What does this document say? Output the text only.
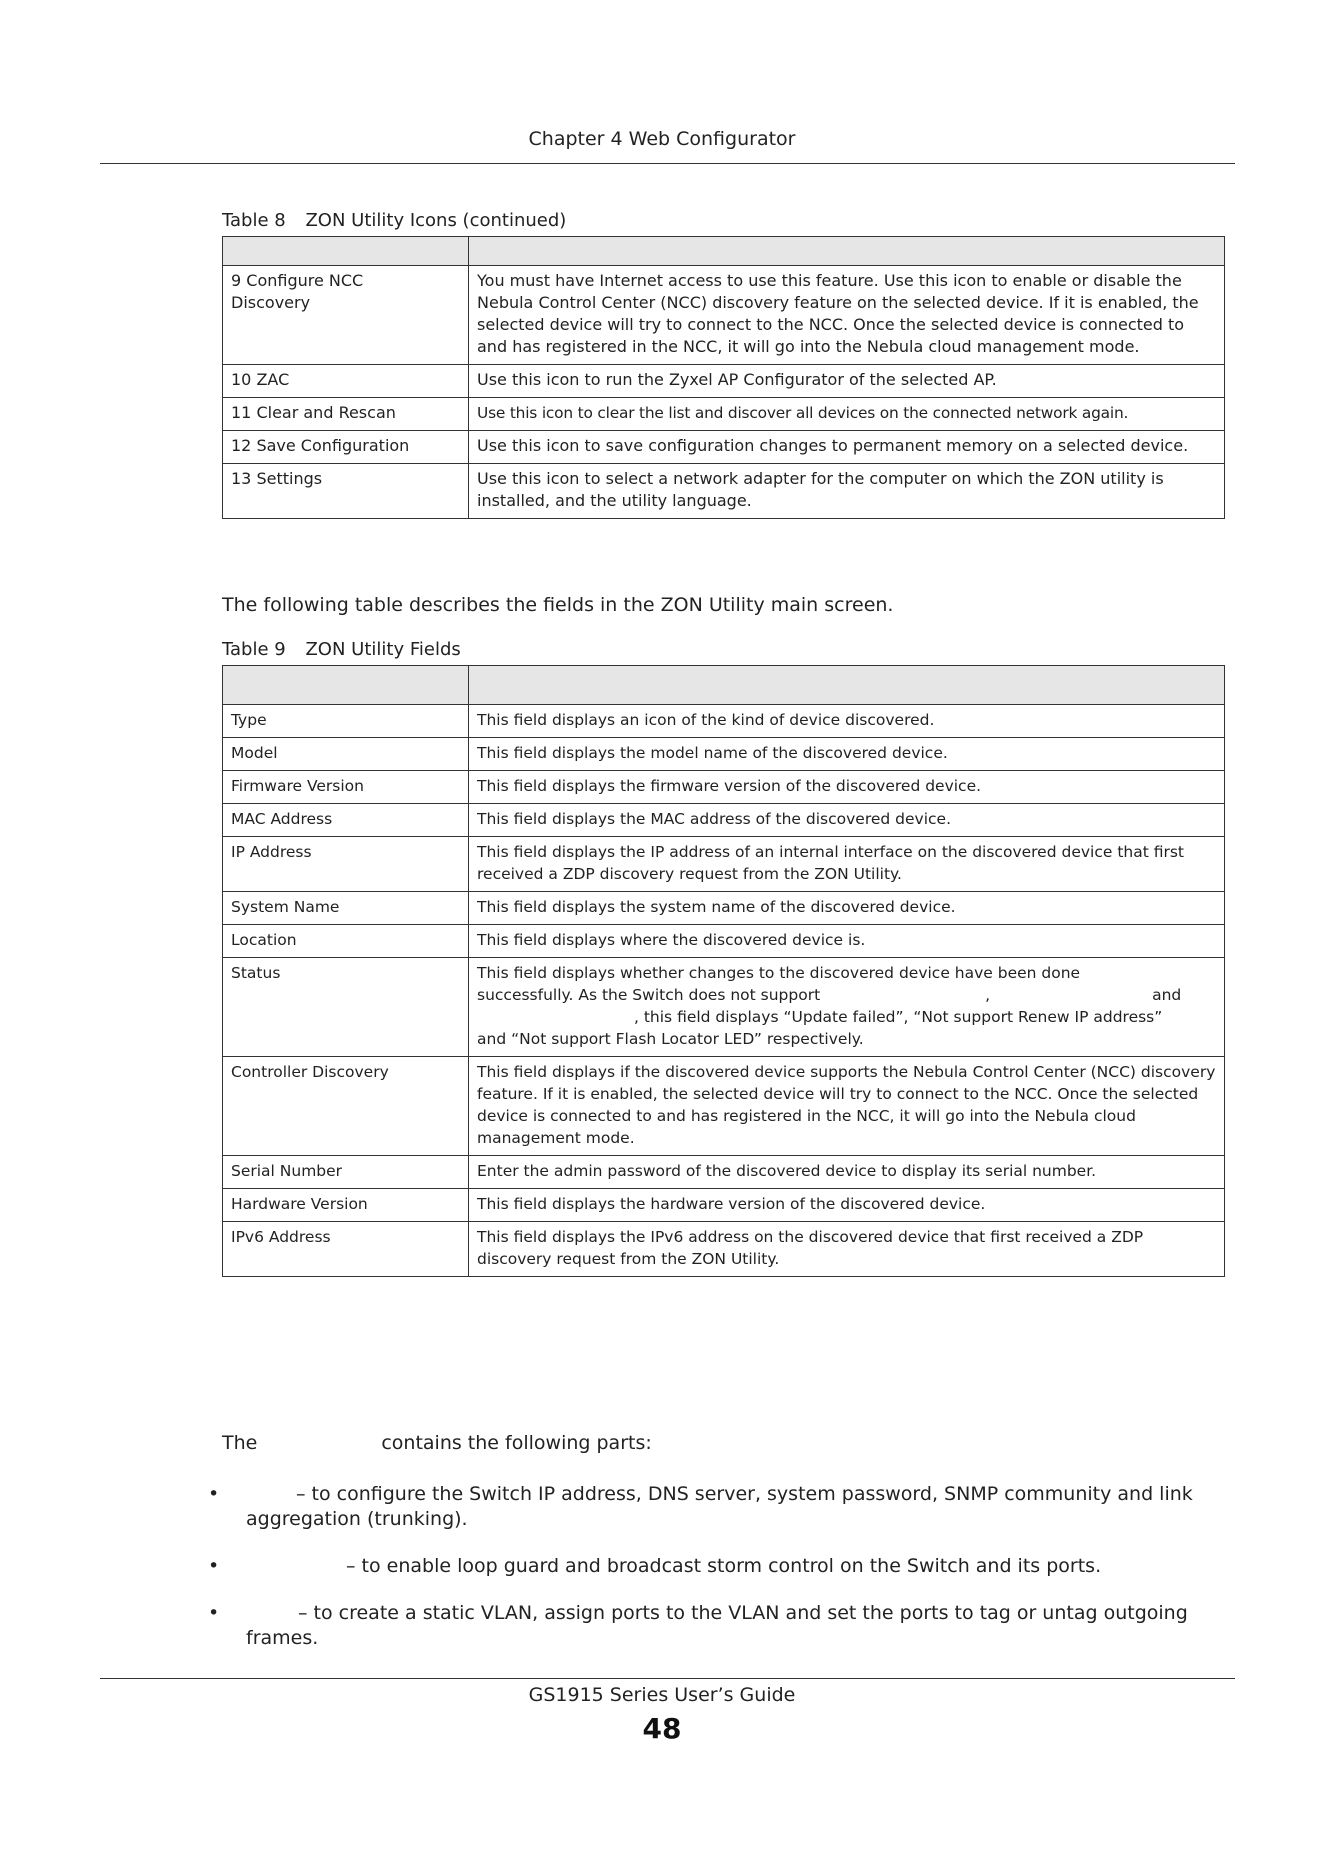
Chapter 4 Web Configurator
Table 8 ZON Utility Icons (continued)

9 Configure NCC Discovery	You must have Internet access to use this feature. Use this icon to enable or disable the Nebula Control Center (NCC) discovery feature on the selected device. If it is enabled, the selected device will try to connect to the NCC. Once the selected device is connected to and has registered in the NCC, it will go into the Nebula cloud management mode.
10 ZAC	Use this icon to run the Zyxel AP Configurator of the selected AP.
11 Clear and Rescan	Use this icon to clear the list and discover all devices on the connected network again.
12 Save Configuration	Use this icon to save configuration changes to permanent memory on a selected device.
13 Settings	Use this icon to select a network adapter for the computer on which the ZON utility is installed, and the utility language.
The following table describes the fields in the ZON Utility main screen.
Table 9 ZON Utility Fields

Type	This field displays an icon of the kind of device discovered.
Model	This field displays the model name of the discovered device.
Firmware Version	This field displays the firmware version of the discovered device.
MAC Address	This field displays the MAC address of the discovered device.
IP Address	This field displays the IP address of an internal interface on the discovered device that first received a ZDP discovery request from the ZON Utility.
System Name	This field displays the system name of the discovered device.
Location	This field displays where the discovered device is.
Status	This field displays whether changes to the discovered device have been done
successfully. As the Switch does not support , and
, this field displays “Update failed”, “Not support Renew IP address”
and “Not support Flash Locator LED” respectively.

Controller Discovery	This field displays if the discovered device supports the Nebula Control Center (NCC) discovery feature. If it is enabled, the selected device will try to connect to the NCC. Once the selected device is connected to and has registered in the NCC, it will go into the Nebula cloud management mode.
Serial Number	Enter the admin password of the discovered device to display its serial number.
Hardware Version	This field displays the hardware version of the discovered device.
IPv6 Address	This field displays the IPv6 address on the discovered device that first received a ZDP discovery request from the ZON Utility.
The	contains the following parts:
•	– to configure the Switch IP address, DNS server, system password, SNMP community and link aggregation (trunking).
•	– to enable loop guard and broadcast storm control on the Switch and its ports.
•	– to create a static VLAN, assign ports to the VLAN and set the ports to tag or untag outgoing frames.
GS1915 Series User’s Guide
48
